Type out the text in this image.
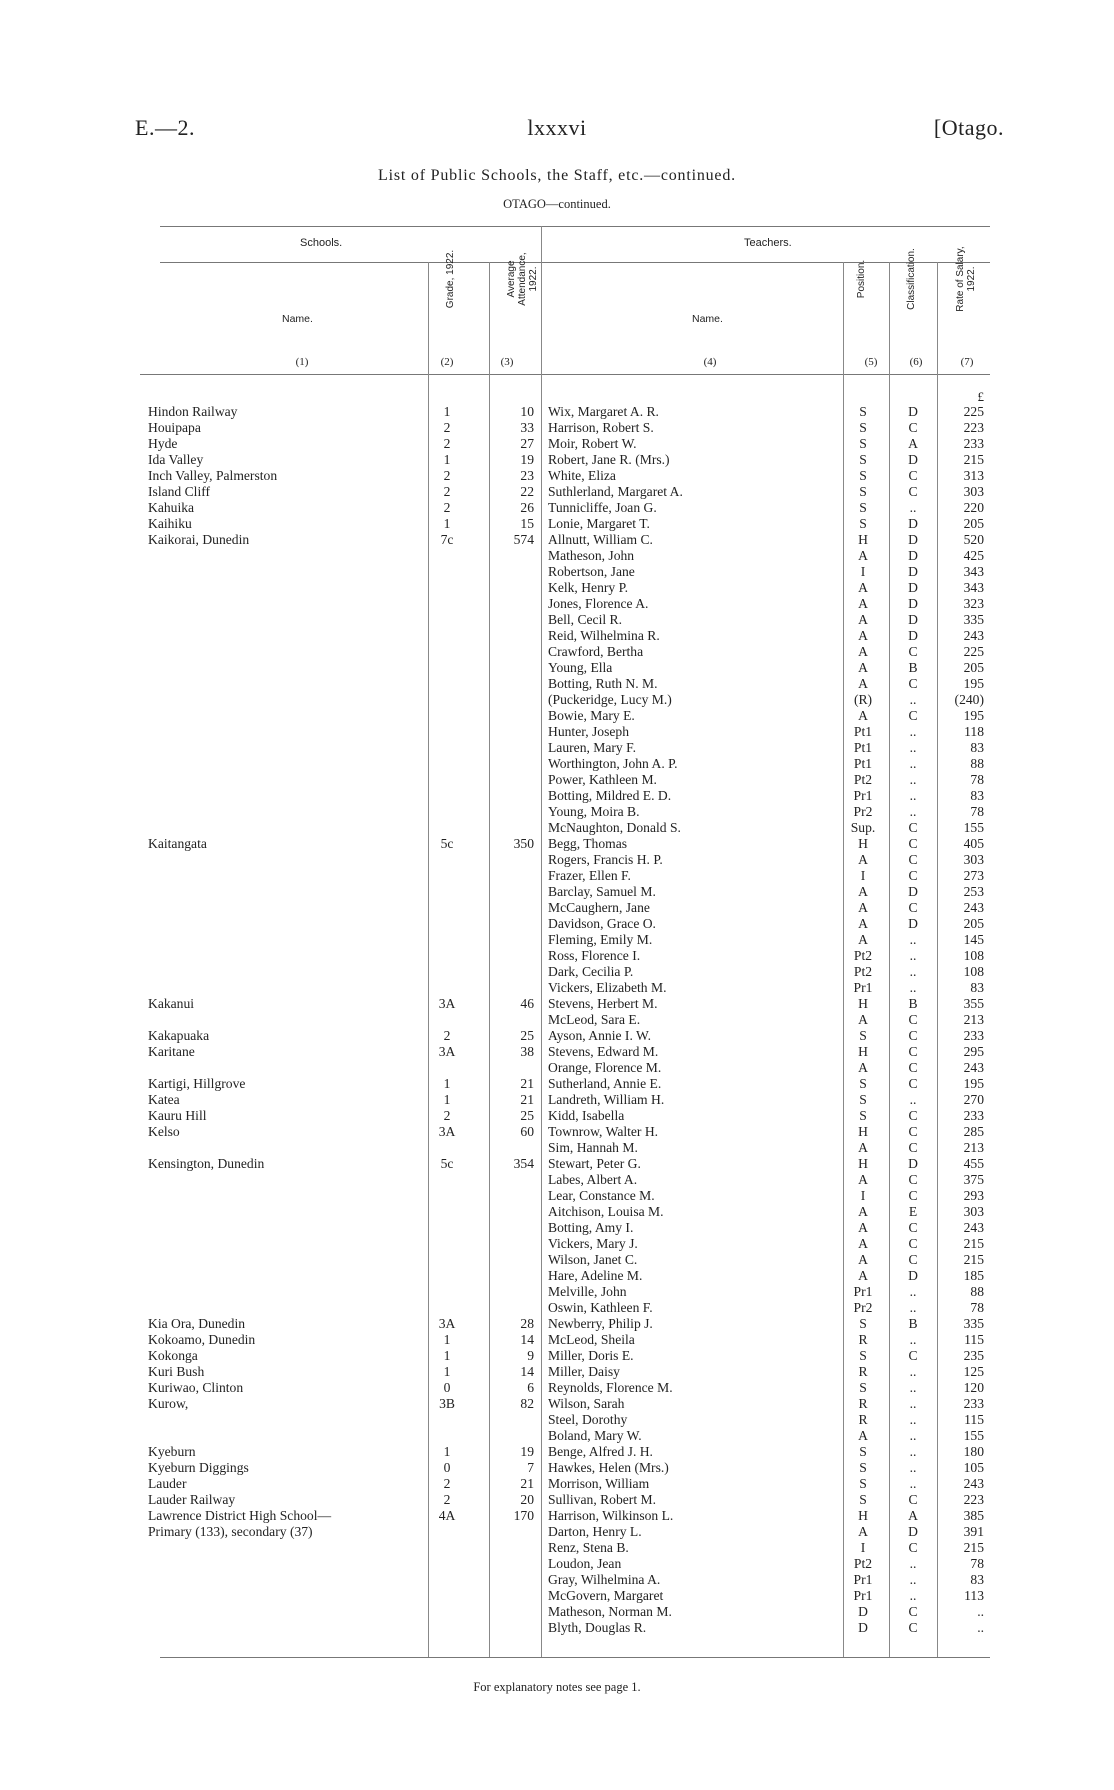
E.—2.	lxxxvi	[Otago.
List of Public Schools, the Staff, etc.—continued.
OTAGO—continued.
Schools.	Teachers.
Name.
Grade, 1922.	Average Attendance, 1922.
Name.
Position.	Classification.	Rate of Salary, 1922.
(1)	(2)	(3)	(4)	(5)	(6)	(7)
£
Hindon Railway	1	10 Wix, Margaret A. R.	S	D	225
Houipapa	2	33 Harrison, Robert S.	S	C	223
Hyde	2	27 Moir, Robert W.	S	A	233
Ida Valley	1	19 Robert, Jane R. (Mrs.)	S	D	215
Inch Valley, Palmerston	2	23 White, Eliza	S	C	313
Island Cliff	2	22 Suthlerland, Margaret A.	S	C	303
Kahuika	2	26 Tunnicliffe, Joan G.	S	..	220
Kaihiku	1	15 Lonie, Margaret T.	S	D	205
Kaikorai, Dunedin	7c	574 Allnutt, William C.	H	D	520
Matheson, John	A	D	425
Robertson, Jane	I	D	343
Kelk, Henry P.	A	D	343
Jones, Florence A.	A	D	323
Bell, Cecil R.	A	D	335
Reid, Wilhelmina R.	A	D	243
Crawford, Bertha	A	C	225
Young, Ella	A	B	205
Botting, Ruth N. M.	A	C	195
(Puckeridge, Lucy M.)	(R)	..	(240)
Bowie, Mary E.	A	C	195
Hunter, Joseph	Pt1	..	118
Lauren, Mary F.	Pt1	..	83
Worthington, John A. P.	Pt1	..	88
Power, Kathleen M.	Pt2	..	78
Botting, Mildred E. D.	Pr1	..	83
Young, Moira B.	Pr2	..	78
McNaughton, Donald S.	Sup.	C	155
Kaitangata	5c	350 Begg, Thomas	H	C	405
Rogers, Francis H. P.	A	C	303
Frazer, Ellen F.	I	C	273
Barclay, Samuel M.	A	D	253
McCaughern, Jane	A	C	243
Davidson, Grace O.	A	D	205
Fleming, Emily M.	A	..	145
Ross, Florence I.	Pt2	..	108
Dark, Cecilia P.	Pt2	..	108
Vickers, Elizabeth M.	Pr1	..	83
Kakanui	3A	46 Stevens, Herbert M.	H	B	355
McLeod, Sara E.	A	C	213
Kakapuaka	2	25 Ayson, Annie I. W.	S	C	233
Karitane	3A	38 Stevens, Edward M.	H	C	295
Orange, Florence M.	A	C	243
Kartigi, Hillgrove	1	21 Sutherland, Annie E.	S	C	195
Katea	1	21 Landreth, William H.	S	..	270
Kauru Hill	2	25 Kidd, Isabella	S	C	233
Kelso	3A	60 Townrow, Walter H.	H	C	285
Sim, Hannah M.	A	C	213
Kensington, Dunedin	5c	354 Stewart, Peter G.	H	D	455
Labes, Albert A.	A	C	375
Lear, Constance M.	I	C	293
Aitchison, Louisa M.	A	E	303
Botting, Amy I.	A	C	243
Vickers, Mary J.	A	C	215
Wilson, Janet C.	A	C	215
Hare, Adeline M.	A	D	185
Melville, John	Pr1	..	88
Oswin, Kathleen F.	Pr2	..	78
Kia Ora, Dunedin	3A	28 Newberry, Philip J.	S	B	335
Kokoamo, Dunedin	1	14 McLeod, Sheila	R	..	115
Kokonga	1	9 Miller, Doris E.	S	C	235
Kuri Bush	1	14 Miller, Daisy	R	..	125
Kuriwao, Clinton	0	6 Reynolds, Florence M.	S	..	120
Kurow,	3B	82 Wilson, Sarah	R	..	233
Steel, Dorothy	R	..	115
Boland, Mary W.	A	..	155
Kyeburn	1	19 Benge, Alfred J. H.	S	..	180
Kyeburn Diggings	0	7 Hawkes, Helen (Mrs.)	S	..	105
Lauder	2	21 Morrison, William	S	..	243
Lauder Railway	2	20 Sullivan, Robert M.	S	C	223
Lawrence District High School—	4A	170 Harrison, Wilkinson L.	H	A	385
Primary (133), secondary (37)	Darton, Henry L.	A	D	391
Renz, Stena B.	I	C	215
Loudon, Jean	Pt2	..	78
Gray, Wilhelmina A.	Pr1	..	83
McGovern, Margaret	Pr1	..	113
Matheson, Norman M.	D	C	..
Blyth, Douglas R.	D	C	..
For explanatory notes see page 1.
